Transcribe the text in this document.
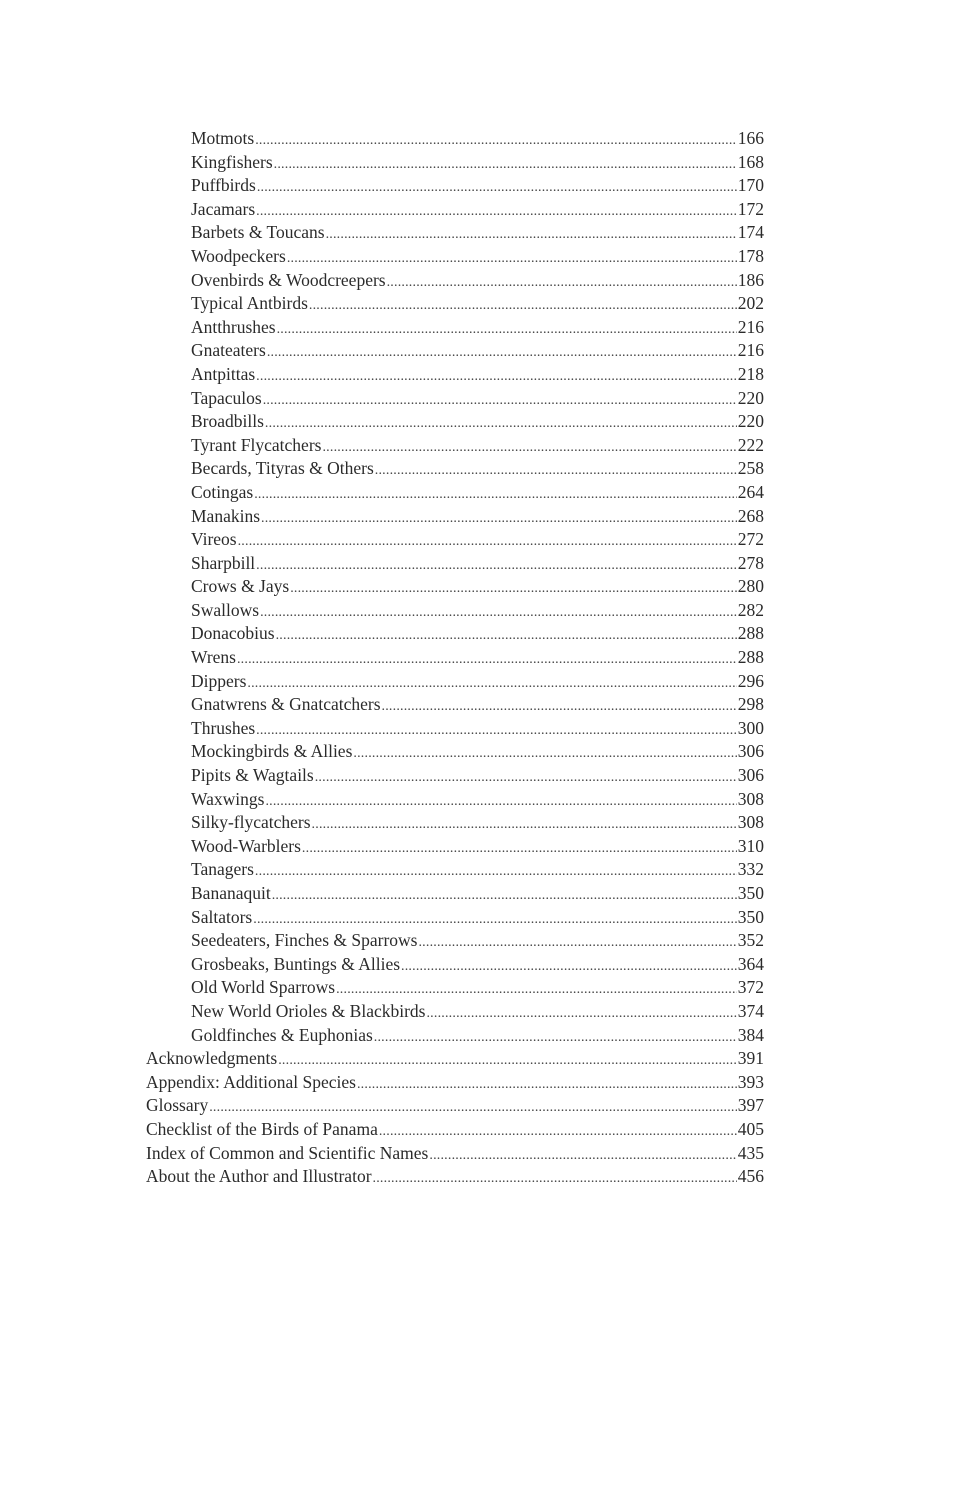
Motmots .....	166
Kingfishers .....	168
Puffbirds .....	170
Jacamars .....	172
Barbets & Toucans .....	174
Woodpeckers .....	178
Ovenbirds & Woodcreepers .....	186
Typical Antbirds .....	202
Antthrushes .....	216
Gnateaters .....	216
Antpittas .....	218
Tapaculos .....	220
Broadbills .....	220
Tyrant Flycatchers .....	222
Becards, Tityras & Others .....	258
Cotingas .....	264
Manakins .....	268
Vireos .....	272
Sharpbill .....	278
Crows & Jays .....	280
Swallows .....	282
Donacobius .....	288
Wrens .....	288
Dippers .....	296
Gnatwrens & Gnatcatchers .....	298
Thrushes .....	300
Mockingbirds & Allies .....	306
Pipits & Wagtails .....	306
Waxwings .....	308
Silky-flycatchers .....	308
Wood-Warblers .....	310
Tanagers .....	332
Bananaquit .....	350
Saltators .....	350
Seedeaters, Finches & Sparrows .....	352
Grosbeaks, Buntings & Allies .....	364
Old World Sparrows .....	372
New World Orioles & Blackbirds .....	374
Goldfinches & Euphonias .....	384
Acknowledgments .....	391
Appendix: Additional Species .....	393
Glossary .....	397
Checklist of the Birds of Panama .....	405
Index of Common and Scientific Names .....	435
About the Author and Illustrator .....	456
